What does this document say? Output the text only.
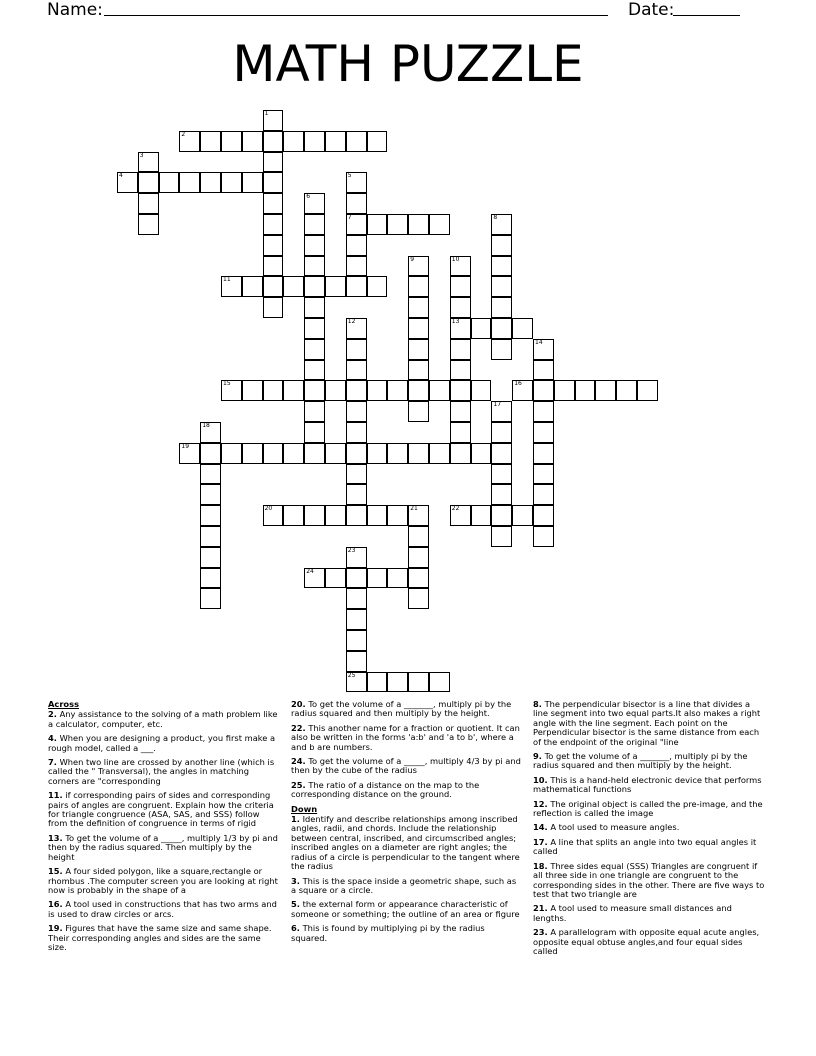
Name:	Date:
MATH PUZZLE
1
2
3
4	5
7
6
8
9	10
13
11
12
14
15	16
17
18
19
20	21	22
23
25
24
Across
2. Any assistance to the solving of a math problem like a calculator, computer, etc.
4. When you are designing a product, you first make a rough model, called a ___.
7. When two line are crossed by another line (which is called the " Transversal), the angles in matching corners are "corresponding
11. if corresponding pairs of sides and corresponding pairs of angles are congruent. Explain how the criteria for triangle congruence (ASA, SAS, and SSS) follow from the definition of congruence in terms of rigid
13. To get the volume of a _____, multiply 1/3 by pi and then by the radius squared. Then multiply by the height
15. A four sided polygon, like a square,rectangle or rhombus .The computer screen you are looking at right now is probably in the shape of a
16. A tool used in constructions that has two arms and is used to draw circles or arcs.
19. Figures that have the same size and same shape. Their corresponding angles and sides are the same size.
20. To get the volume of a _______, multiply pi by the radius squared and then multiply by the height.
22. This another name for a fraction or quotient. It can also be written in the forms 'a:b' and 'a to b', where a and b are numbers.
24. To get the volume of a _____, multiply 4/3 by pi and then by the cube of the radius
25. The ratio of a distance on the map to the corresponding distance on the ground.
Down
1. Identify and describe relationships among inscribed angles, radii, and chords. Include the relationship between central, inscribed, and circumscribed angles; inscribed angles on a diameter are right angles; the radius of a circle is perpendicular to the tangent where the radius
3. This is the space inside a geometric shape, such as a square or a circle.
5. the external form or appearance characteristic of someone or something; the outline of an area or figure
6. This is found by multiplying pi by the radius squared.
8. The perpendicular bisector is a line that divides a line segment into two equal parts.It also makes a right angle with the line segment. Each point on the Perpendicular bisector is the same distance from each of the endpoint of the original "line
9. To get the volume of a _______, multiply pi by the radius squared and then multiply by the height.
10. This is a hand-held electronic device that performs mathematical functions
12. The original object is called the pre-image, and the reflection is called the image
14. A tool used to measure angles.
17. A line that splits an angle into two equal angles it called
18. Three sides equal (SSS) Triangles are congruent if all three side in one triangle are congruent to the corresponding sides in the other. There are five ways to test that two triangle are
21. A tool used to measure small distances and lengths.
23. A parallelogram with opposite equal acute angles, opposite equal obtuse angles,and four equal sides called
